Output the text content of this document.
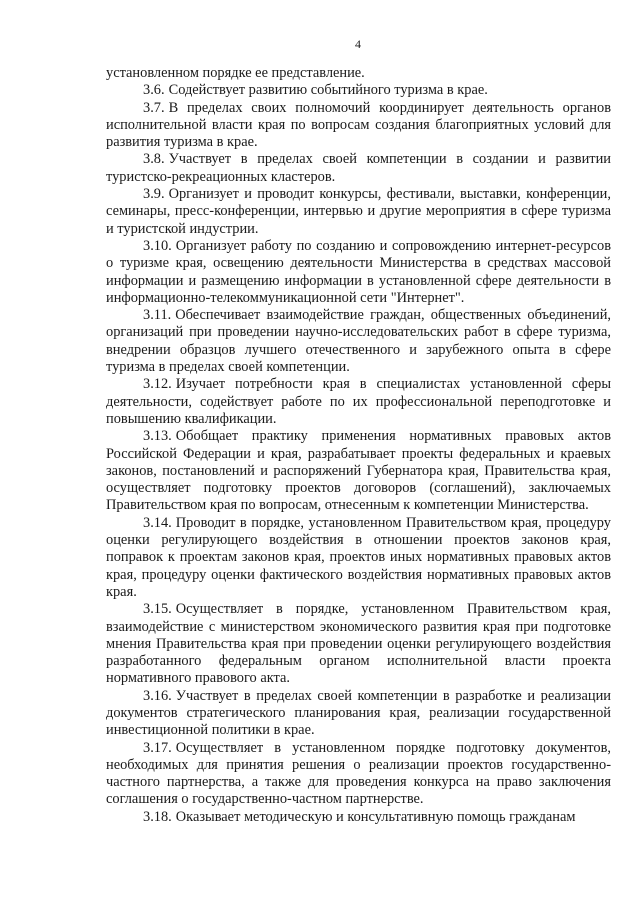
4

установленном порядке ее представление.

3.6. Содействует развитию событийного туризма в крае.

3.7. В пределах своих полномочий координирует деятельность органов исполнительной власти края по вопросам создания благоприятных условий для развития туризма в крае.

3.8. Участвует в пределах своей компетенции в создании и развитии туристско-рекреационных кластеров.

3.9. Организует и проводит конкурсы, фестивали, выставки, конференции, семинары, пресс-конференции, интервью и другие мероприятия в сфере туризма и туристской индустрии.

3.10. Организует работу по созданию и сопровождению интернет-ресурсов о туризме края, освещению деятельности Министерства в средствах массовой информации и размещению информации в установленной сфере деятельности в информационно-телекоммуникационной сети "Интернет".

3.11. Обеспечивает взаимодействие граждан, общественных объединений, организаций при проведении научно-исследовательских работ в сфере туризма, внедрении образцов лучшего отечественного и зарубежного опыта в сфере туризма в пределах своей компетенции.

3.12. Изучает потребности края в специалистах установленной сферы деятельности, содействует работе по их профессиональной переподготовке и повышению квалификации.

3.13. Обобщает практику применения нормативных правовых актов Российской Федерации и края, разрабатывает проекты федеральных и краевых законов, постановлений и распоряжений Губернатора края, Правительства края, осуществляет подготовку проектов договоров (соглашений), заключаемых Правительством края по вопросам, отнесенным к компетенции Министерства.

3.14. Проводит в порядке, установленном Правительством края, процедуру оценки регулирующего воздействия в отношении проектов законов края, поправок к проектам законов края, проектов иных нормативных правовых актов края, процедуру оценки фактического воздействия нормативных правовых актов края.

3.15. Осуществляет в порядке, установленном Правительством края, взаимодействие с министерством экономического развития края при подготовке мнения Правительства края при проведении оценки регулирующего воздействия разработанного федеральным органом исполнительной власти проекта нормативного правового акта.

3.16. Участвует в пределах своей компетенции в разработке и реализации документов стратегического планирования края, реализации государственной инвестиционной политики в крае.

3.17. Осуществляет в установленном порядке подготовку документов, необходимых для принятия решения о реализации проектов государственно-частного партнерства, а также для проведения конкурса на право заключения соглашения о государственно-частном партнерстве.

3.18. Оказывает методическую и консультативную помощь гражданам
